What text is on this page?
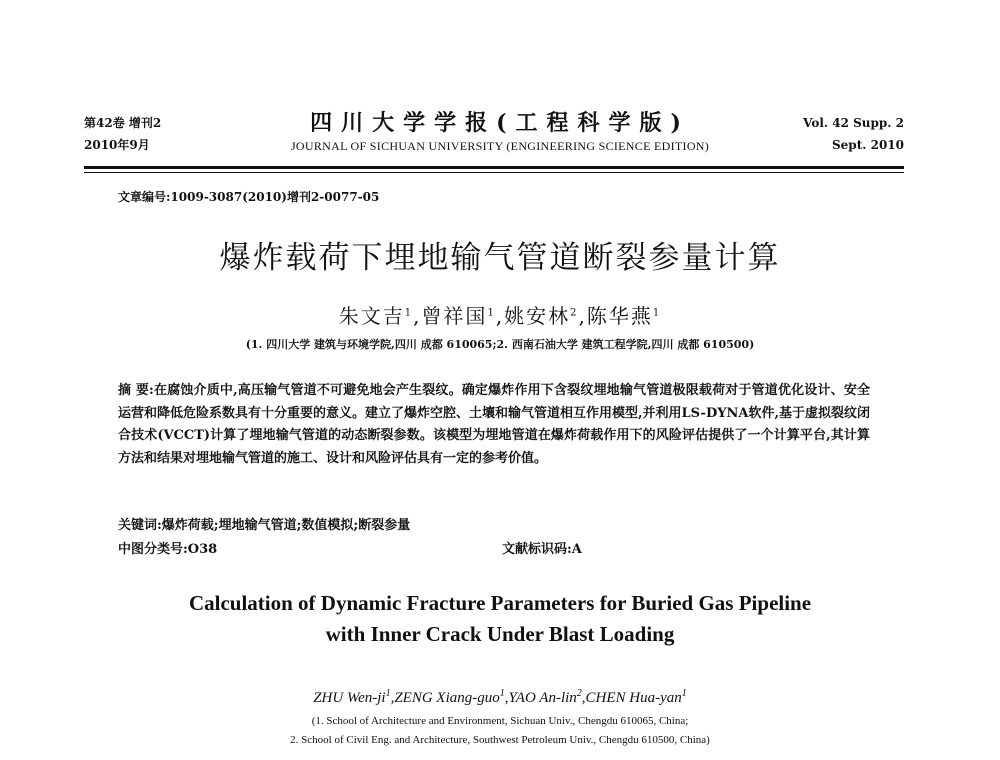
第42卷 增刊2
2010年9月
四川大学学报(工程科学版)
JOURNAL OF SICHUAN UNIVERSITY (ENGINEERING SCIENCE EDITION)
Vol. 42 Supp. 2
Sept. 2010
文章编号:1009-3087(2010)增刊2-0077-05
爆炸载荷下埋地输气管道断裂参量计算
朱文吉$^1$,曾祥国$^1$,姚安林$^2$,陈华燕$^1$
(1. 四川大学 建筑与环境学院,四川 成都 610065;2. 西南石油大学 建筑工程学院,四川 成都 610500)
摘 要:在腐蚀介质中,高压输气管道不可避免地会产生裂纹。确定爆炸作用下含裂纹埋地输气管道极限载荷对于管道优化设计、安全运营和降低危险系数具有十分重要的意义。建立了爆炸空腔、土壤和输气管道相互作用模型,并利用LS-DYNA软件,基于虚拟裂纹闭合技术(VCCT)计算了埋地输气管道的动态断裂参数。该模型为埋地管道在爆炸荷载作用下的风险评估提供了一个计算平台,其计算方法和结果对埋地输气管道的施工、设计和风险评估具有一定的参考价值。
关键词:爆炸荷载;埋地输气管道;数值模拟;断裂参量
中图分类号:O38	文献标识码:A
Calculation of Dynamic Fracture Parameters for Buried Gas Pipeline
with Inner Crack Under Blast Loading
ZHU Wen-$ji^1,ZENG$ Xiang-guo$^1$,YAO An-lin$^2$,CHEN Hua-yan$^1$
(1. School of Architecture and Environment, Sichuan Univ., Chengdu 610065, China;
2. School of Civil Eng. and Architecture, Southwest Petroleum Univ., Chengdu 610500, China)
